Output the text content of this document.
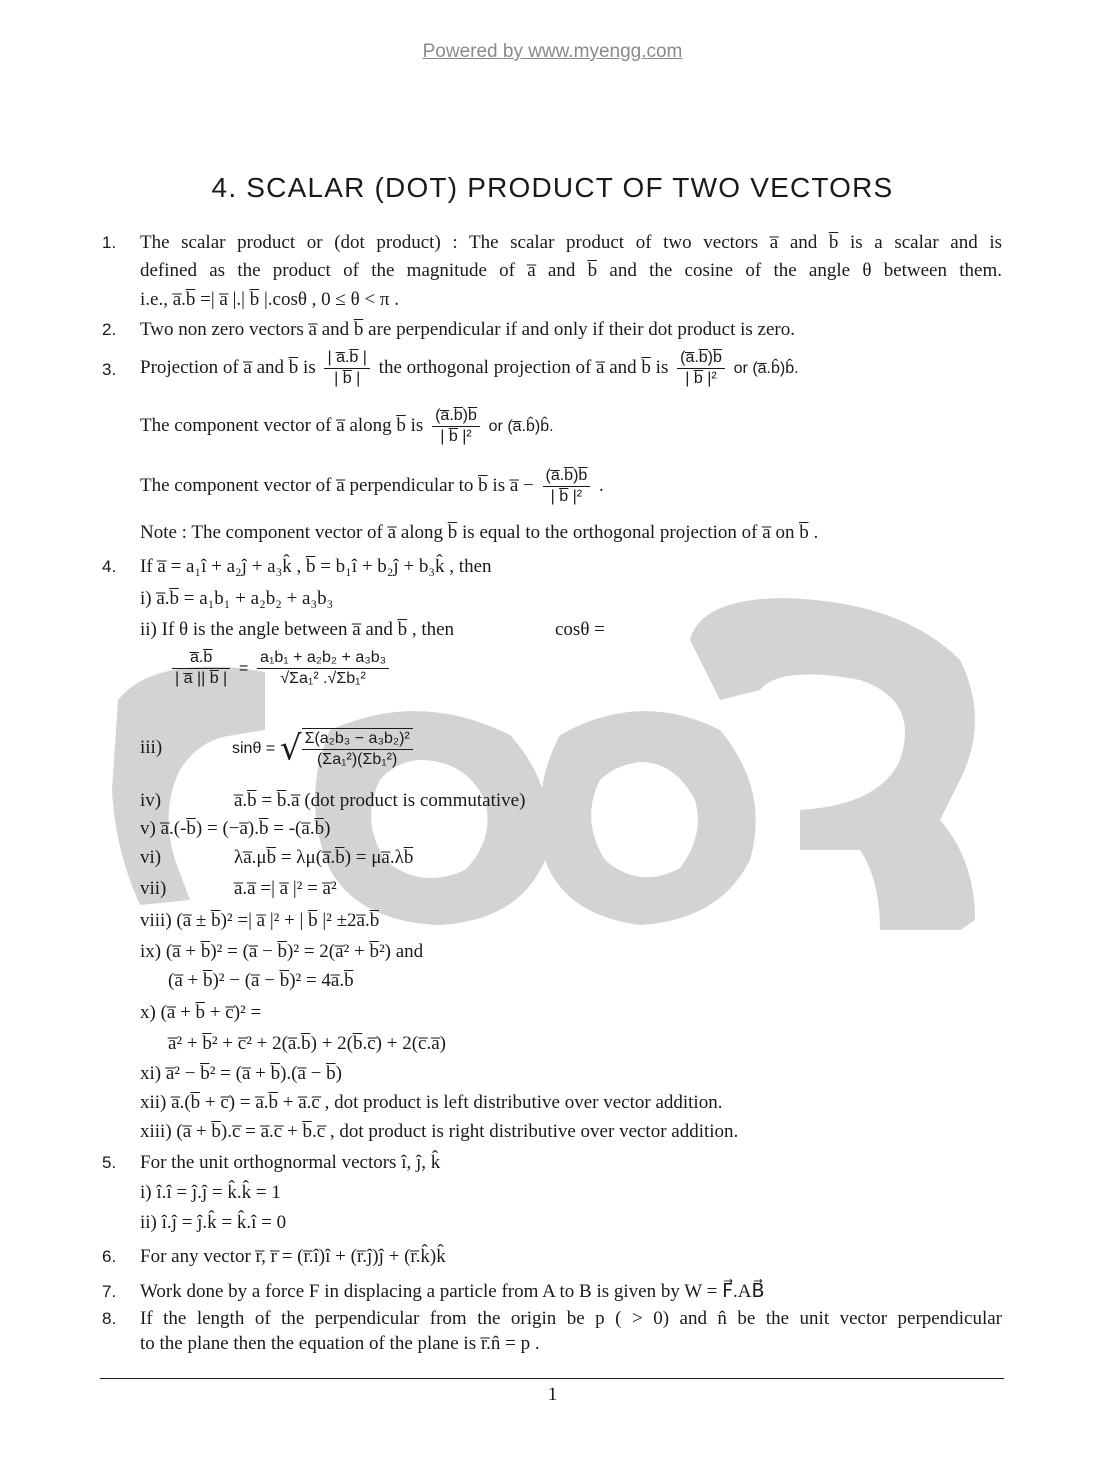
Powered by www.myengg.com
4. SCALAR (DOT) PRODUCT OF TWO VECTORS
1. The scalar product or (dot product) : The scalar product of two vectors a̅ and b̅ is a scalar and is
defined as the product of the magnitude of a̅ and b̅ and the cosine of the angle θ between them.
i.e., a̅.b̅ =| a̅ |.| b̅ |.cosθ , 0 ≤ θ < π .
2. Two non zero vectors a̅ and b̅ are perpendicular if and only if their dot product is zero.
3. Projection of a̅ and b̅ is $\frac{| a̅.b̅ |}{| b̅ |}$ the orthogonal projection of a̅ and b̅ is $\frac{(a̅.b̅)b̅}{\text{| b̅ |²}}$ or (a̅.b̂)b̂.
The component vector of a̅ along b̅ is $\frac{(a̅.b̅)b̅}{\text{| b̅ |²}}$ or (a̅.b̂)b̂.
The component vector of a̅ perpendicular to b̅ is a̅ − $\frac{(a̅.b̅)b̅}{\text{| b̅ |²}}$ .
Note : The component vector of a̅ along b̅ is equal to the orthogonal projection of a̅ on b̅ .
4. If a̅ = a₁î + a₂ĵ + a₃k̂ , b̅ = b₁î + b₂ĵ + b₃k̂ , then
i) a̅.b̅ = a₁b₁ + a₂b₂ + a₃b₃
ii) If θ is the angle between a̅ and b̅ , then	cosθ =
$\frac{a̅.b̅}{| a̅ || b̅ |} = \frac{\text{a₁b₁ + a₂b₂ + a₃b₃}}{\text{√Σa₁² .√Σb₁²}}$
iii)	sinθ = √ $\frac{\text{Σ(a₂b₃ − a₃b₂)²}}{\text{(Σa₁²)(Σb₁²)}}$
iv)	a̅.b̅ = b̅.a̅ (dot product is commutative)
v) a̅.(-b̅) = (−a̅).b̅ = -(a̅.b̅)
vi)	λa̅.μb̅ = λμ(a̅.b̅) = μa̅.λb̅
vii)	a̅.a̅ =| a̅ |² = a̅²
viii) (a̅ ± b̅)² =| a̅ |² + | b̅ |² ±2a̅.b̅
ix) (a̅ + b̅)² = (a̅ − b̅)² = 2(a̅² + b̅²) and
(a̅ + b̅)² − (a̅ − b̅)² = 4a̅.b̅
x) (a̅ + b̅ + c̅)² =
a̅² + b̅² + c̅² + 2(a̅.b̅) + 2(b̅.c̅) + 2(c̅.a̅)
xi) a̅² − b̅² = (a̅ + b̅).(a̅ − b̅)
xii) a̅.(b̅ + c̅) = a̅.b̅ + a̅.c̅ , dot product is left distributive over vector addition.
xiii) (a̅ + b̅).c̅ = a̅.c̅ + b̅.c̅ , dot product is right distributive over vector addition.
5. For the unit orthognormal vectors î, ĵ, k̂
i) î.î = ĵ.ĵ = k̂.k̂ = 1
ii) î.ĵ = ĵ.k̂ = k̂.î = 0
6. For any vector r̅, r̅ = (r̅.î)î + (r̅.ĵ)ĵ + (r̅.k̂)k̂
7. Work done by a force F in displacing a particle from A to B is given by W = F⃗.AB⃗
8. If the length of the perpendicular from the origin be p ( > 0) and n̂ be the unit vector perpendicular
to the plane then the equation of the plane is r̅.n̂ = p .
1
